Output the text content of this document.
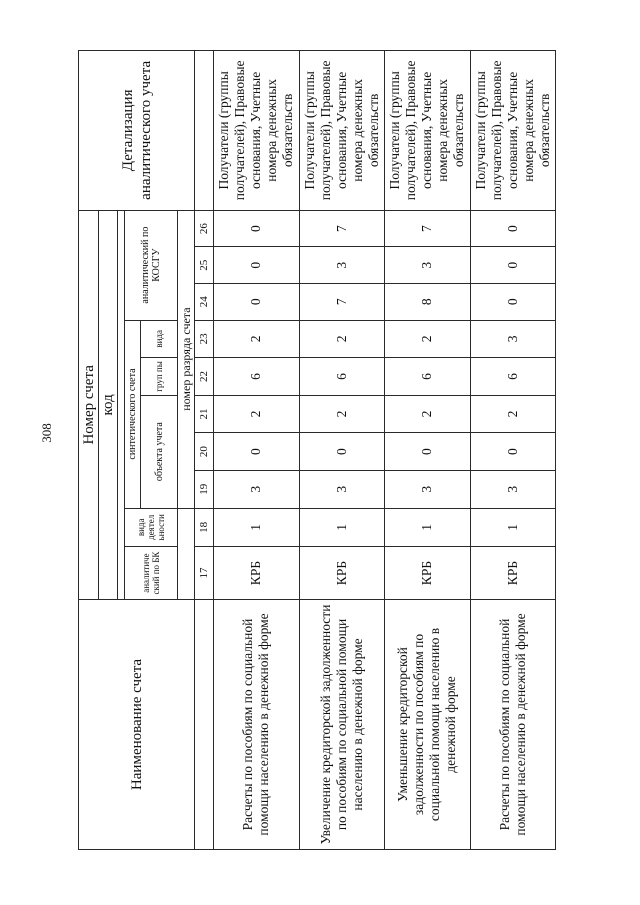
308
Наименование счета	Номер счета										Детализация аналитического учета
	код										

	аналитиче ский по БК	вида деятел ьности	синтетического счета					аналитический по КОСГУ			
			объекта учета			груп пы	вида				
			номер разряда счета								
	17	18	19	20	21	22	23	24	25	26	
Расчеты по пособиям по социальной помощи населению в денежной форме	КРБ	1	3	0	2	6	2	0	0	0	Получатели (группы получателей), Правовые основания, Учетные номера денежных обязательств
Увеличение кредиторской задолженности по пособиям по социальной помощи населению в денежной форме	КРБ	1	3	0	2	6	2	7	3	7	Получатели (группы получателей), Правовые основания, Учетные номера денежных обязательств
Уменьшение кредиторской задолженности по пособиям по социальной помощи населению в денежной форме	КРБ	1	3	0	2	6	2	8	3	7	Получатели (группы получателей), Правовые основания, Учетные номера денежных обязательств
Расчеты по пособиям по социальной помощи населению в денежной форме	КРБ	1	3	0	2	6	3	0	0	0	Получатели (группы получателей), Правовые основания, Учетные номера денежных обязательств
